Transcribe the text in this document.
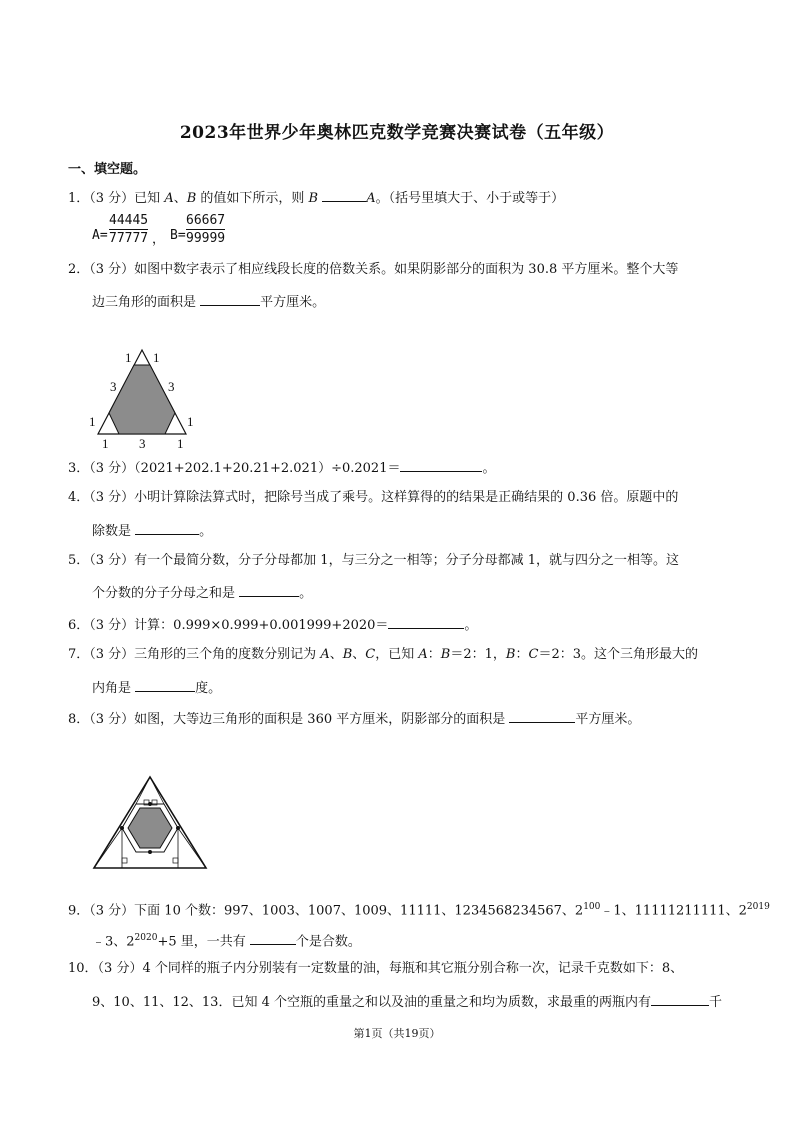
2023年世界少年奥林匹克数学竞赛决赛试卷（五年级）
一、填空题。
1．（3 分）已知 A、B 的值如下所示，则 B	A。（括号里填大于、小于或等于）
$A= \frac{44445}{77777}$ ， $B= \frac{66667}{99999}$
2．（3 分）如图中数字表示了相应线段长度的倍数关系。如果阴影部分的面积为 30.8 平方厘米。整个大等
边三角形的面积是	平方厘米。
1 1
3	3
1	1
1 3 1
3．（3 分）（2021+202.1+20.21+2.021）÷0.2021＝	。
4．（3 分）小明计算除法算式时，把除号当成了乘号。这样算得的的结果是正确结果的 0.36 倍。原题中的
除数是	。
5．（3 分）有一个最简分数，分子分母都加 1，与三分之一相等；分子分母都减 1，就与四分之一相等。这
个分数的分子分母之和是	。
6．（3 分）计算：0.999×0.999+0.001999+2020＝	。
7．（3 分）三角形的三个角的度数分别记为 A、B、C，已知 A：B＝2：1，B：C＝2：3。这个三角形最大的
内角是	度。
8．（3 分）如图，大等边三角形的面积是 360 平方厘米，阴影部分的面积是	平方厘米。
9．（3 分）下面 10 个数：997、1003、1007、1009、11111、1234568234567、$2^{100}﹣1$、11111211111、$2^{2019}$
﹣3、$2^{2020}+5$ 里，一共有	个是合数。
10．（3 分）4 个同样的瓶子内分别装有一定数量的油，每瓶和其它瓶分别合称一次，记录千克数如下：8、
9、10、11、12、13．已知 4 个空瓶的重量之和以及油的重量之和均为质数，求最重的两瓶内有	千
第1页（共19页）
